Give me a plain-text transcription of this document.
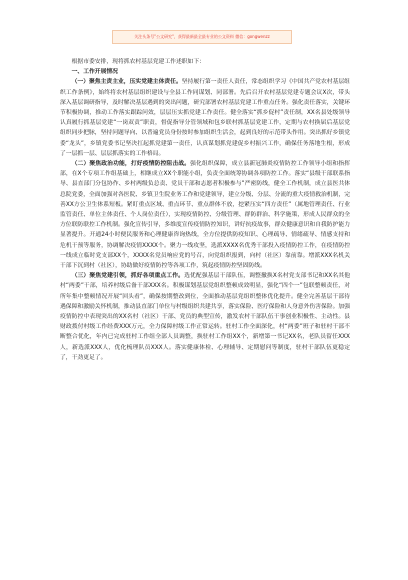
关注头条号"公文研究"，获得最新最全最专业的公文资料 微信：gongwenzz

根据市委安排，现将抓农村基层党建工作述职如下：

一、工作开展情况

（一）聚焦主责主业，压实党建主体责任。坚持履行第一责任人责任，常态组织学习《中国共产党农村基层组织工作条例》，始终将农村基层组织建设与全县工作同谋划、同部署。先后召开农村基层党建专题会议X次，带头深入基层调研指导，及时解决基层遇到的突出问题，研究部署农村基层党建工作重点任务。强化责任落实，关键环节积极协调，推动工作落实跟踪问效，层层压实抓党建工作责任。健全落实“抓乡促村”责任制，XX名县处级领导认真履行抓基层党建“一岗双责”职责，督促指导分管领域和包乡联村抓基层党建工作，定期与农村换届后基层党组织同步把脉，坚持问题导向、以普遍党员身份按时参加组织生活会，起到良好的示范带头作用。突出抓好乡镇党委“龙头”，乡镇党委书记坚决扛起抓党建第一责任，认真谋划抓党建促乡村振兴工作，确保任务落地生根，形成了一层抓一层、层层抓落实的工作格局。

（二）聚焦政治功能，打好疫情防控阻击战。强化组织保障，成立县新冠肺炎疫情防控工作领导小组和指挥部，在X个专项工作组基础上，相继成立XX个职能小组，负责全面统筹协调各项防控工作。落实“县级干部联系指导、县直部门分包协作、乡村两级负总责、党员干部和志愿者积极参与”严密防线，健全工作机制，成立县医共体总院党委，全面加强对各医院、乡镇卫生院业务工作和党建领导，建立分级、分层、分流的重大疫情救治机制，完善XX方公卫生体系短板。紧盯重点区域、重点环节、重点群体不放，挖紧压实“四方责任”（属地管理责任、行业监管责任、单位主体责任、个人岗位责任），实现疫情防控、分级管理、群防群治、科学施策，形成人民群众的全方位联防联控工作机制。强化宣传引导，多维度宣传疫情防控知识，讲好抗疫故事，群众健康意识和自我防护能力显著提升。开通24小时便民服务和心理健康咨询热线，全方位提供防疫知识、心理疏导、情绪疏导、情感支持和危机干预等服务，协调解决疫情XXXX个。聚力一线攻坚，选派XXXX名优秀干部投入疫情防控工作，在疫情防控一线成立临时党支部XX个，XXXX名党员响应党的号召，向党组织报到，向村（社区）靠前靠。增派XXX名机关干部下沉到村（社区），协助做好疫情防控等各项工作，筑起疫情防控坚固防线。

（三）聚焦党建引领，抓好各项重点工作。选优配强基层干部队伍，调整撤换X名村党支部书记和XX名其他村“两委”干部，培养村级后备干部XXX名。积极谋划基层党组织整顿成效明显，强化“四个一”包联整顿责任，对所年集中整顿情况开展“回头看”，确保按期整改到位，全面推动基层党组织整体优化提升。健全完善基层干部待遇保障和激励关怀机制，推动县直部门单位与村级组织共建共享，落实保险、医疗保险和人身意外伤害保险。加强疫情防控中表现突出的XX名村（社区）干部、党员的典型宣传，激发农村干部队伍干事创业积极性、主动性。县财政拨付村级工作经费XXX万元，全力保障村级工作正常运转。驻村工作全面深化，村“两委”班子和驻村干部不断整合优化，年内已完成驻村工作组全部人员调整，换驻村工作组XX个，新增第一书记XX名，老队员留任XXX人，新选派XXX人，优化梳理队员XXX人。落实健康体检、心理辅导、定期慰问等制度，驻村干部队伍更稳定了，干劲更足了。
